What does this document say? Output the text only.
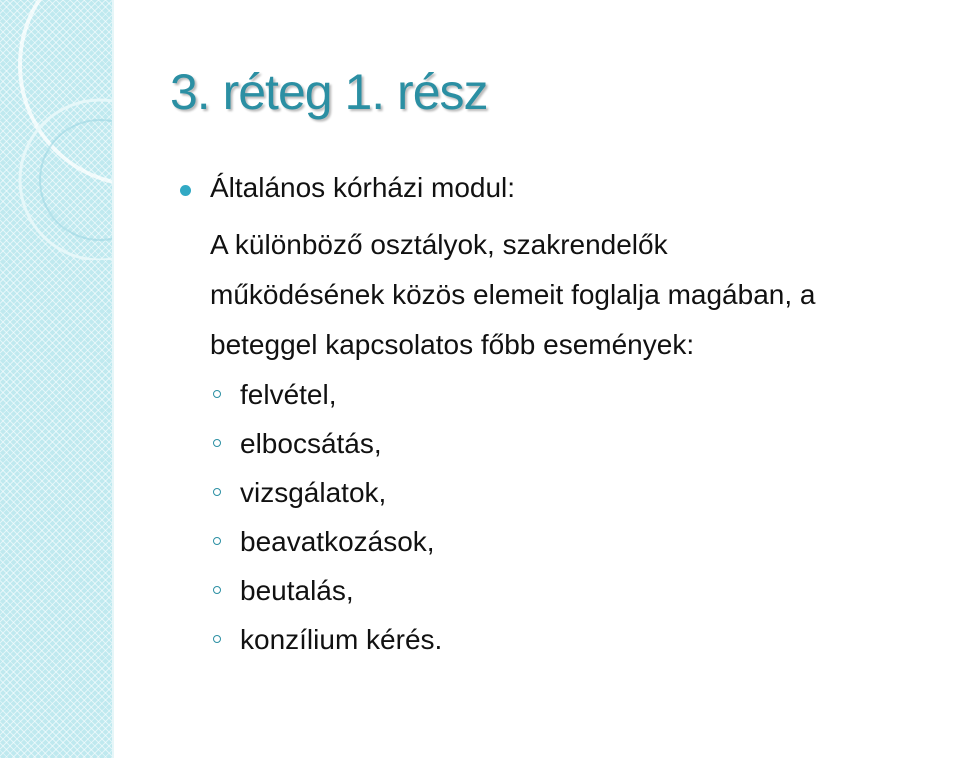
3. réteg 1. rész
Általános kórházi modul:
A különböző osztályok, szakrendelők
működésének közös elemeit foglalja magában, a
beteggel kapcsolatos főbb események:
felvétel,
elbocsátás,
vizsgálatok,
beavatkozások,
beutalás,
konzílium kérés.
